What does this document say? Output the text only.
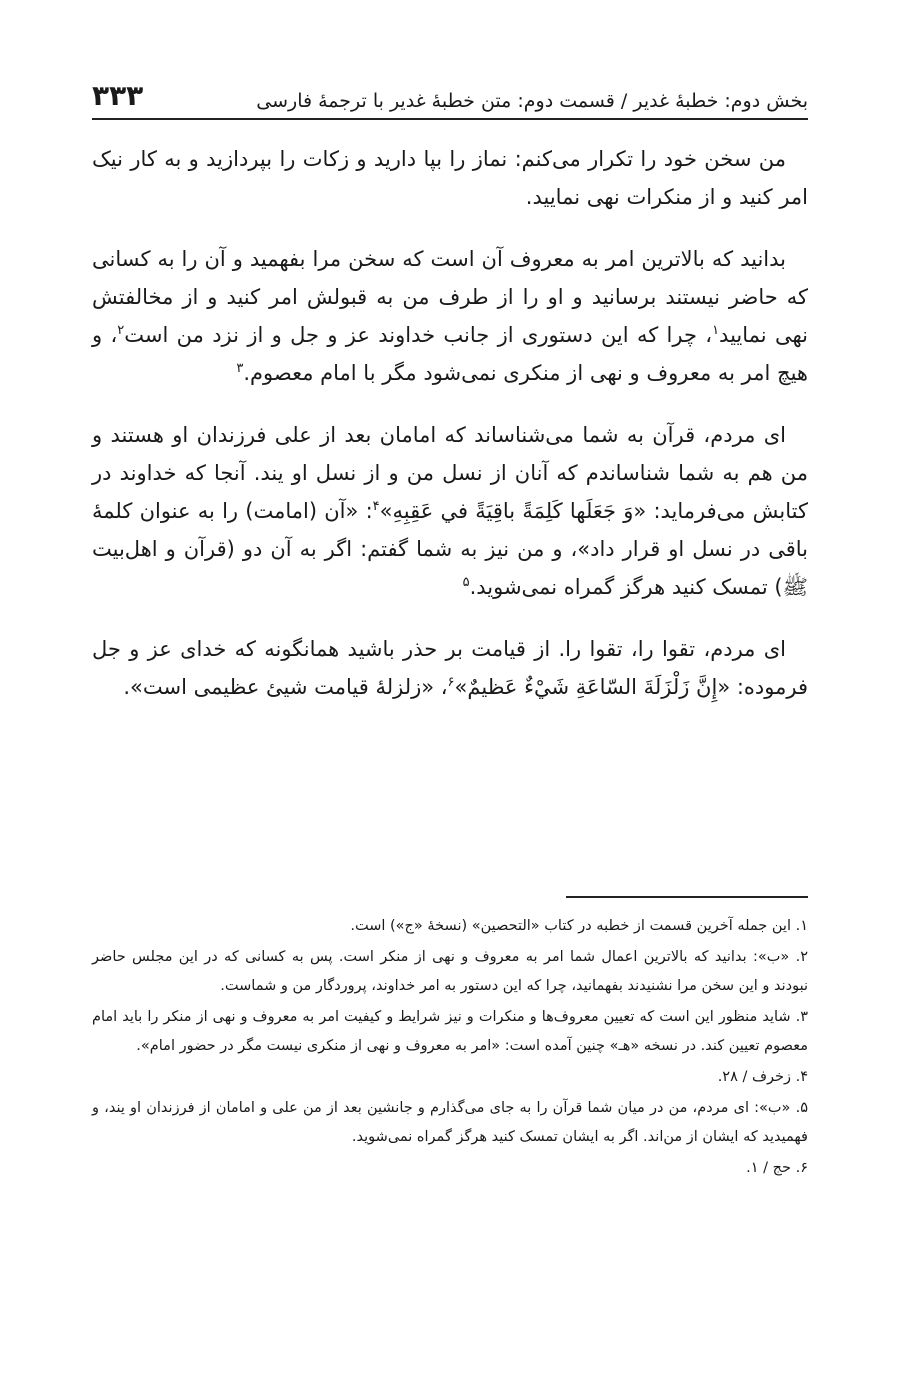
۳۳۳	بخش دوم: خطبۀ غدیر / قسمت دوم: متن خطبۀ غدیر با ترجمۀ فارسی

من سخن خود را تکرار می‌کنم: نماز را بپا دارید و زکات را بپردازید و به کار نیک امر کنید و از منکرات نهی نمایید.

بدانید که بالاترین امر به معروف آن است که سخن مرا بفهمید و آن را به کسانی که حاضر نیستند برسانید و او را از طرف من به قبولش امر کنید و از مخالفتش نهی نمایید$^۱$، چرا که این دستوری از جانب خداوند عز و جل و از نزد من است$^۲$، و هیچ امر به معروف و نهی از منکری نمی‌شود مگر با امام معصوم.$^۳$

ای مردم، قرآن به شما می‌شناساند که امامان بعد از علی فرزندان او هستند و من هم به شما شناساندم که آنان از نسل من و از نسل او یند. آنجا که خداوند در کتابش می‌فرماید: «وَ جَعَلَها كَلِمَةً باقِيَةً في عَقِبِهِ»$^۴$: «آن (امامت) را به عنوان کلمۀ باقی در نسل او قرار داد»، و من نیز به شما گفتم: اگر به آن دو (قرآن و اهل‌بیت ﷺ) تمسک کنید هرگز گمراه نمی‌شوید.$^۵$

ای مردم، تقوا را، تقوا را. از قیامت بر حذر باشید همانگونه که خدای عز و جل فرموده: «إِنَّ زَلْزَلَةَ السّاعَةِ شَيْءٌ عَظيمٌ»$^۶$، «زلزلۀ قیامت شیئ عظیمی است».

۱. این جمله آخرین قسمت از خطبه در کتاب «التحصین» (نسخۀ «ج») است.

۲. «ب»: بدانید که بالاترین اعمال شما امر به معروف و نهی از منکر است. پس به کسانی که در این مجلس حاضر نبودند و این سخن مرا نشنیدند بفهمانید، چرا که این دستور به امر خداوند، پروردگار من و شماست.

۳. شاید منظور این است که تعیین معروف‌ها و منکرات و نیز شرایط و کیفیت امر به معروف و نهی از منکر را باید امام معصوم تعیین کند. در نسخه «هـ» چنین آمده است: «امر به معروف و نهی از منکری نیست مگر در حضور امام».

۴. زخرف / ۲۸.

۵. «ب»: ای مردم، من در میان شما قرآن را به جای می‌گذارم و جانشین بعد از من علی و امامان از فرزندان او یند، و فهمیدید که ایشان از من‌اند. اگر به ایشان تمسک کنید هرگز گمراه نمی‌شوید.

۶. حج / ۱.
